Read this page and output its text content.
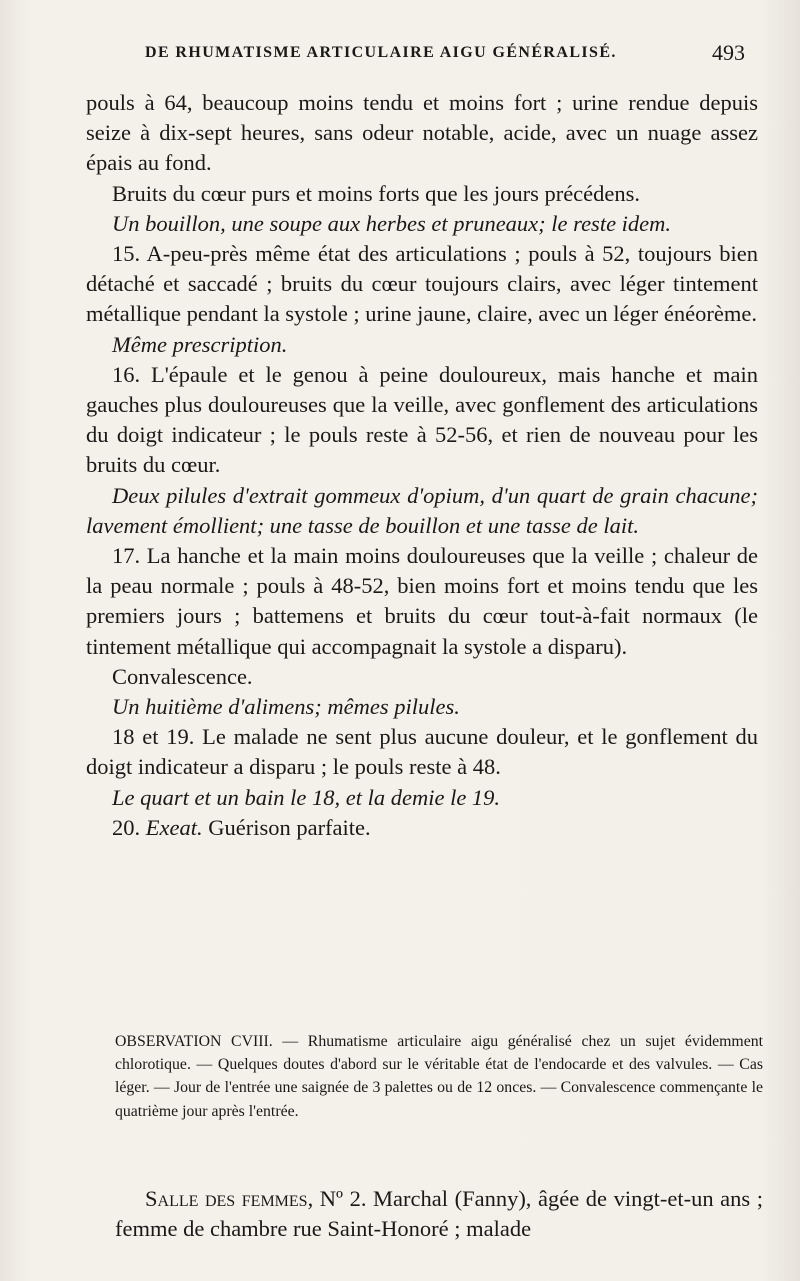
DE RHUMATISME ARTICULAIRE AIGU GÉNÉRALISÉ.	493

pouls à 64, beaucoup moins tendu et moins fort ; urine rendue depuis seize à dix-sept heures, sans odeur notable, acide, avec un nuage assez épais au fond.

Bruits du cœur purs et moins forts que les jours précédens.

Un bouillon, une soupe aux herbes et pruneaux; le reste idem.

15. A-peu-près même état des articulations ; pouls à 52, toujours bien détaché et saccadé ; bruits du cœur toujours clairs, avec léger tintement métallique pendant la systole ; urine jaune, claire, avec un léger énéorème.

Même prescription.

16. L'épaule et le genou à peine douloureux, mais hanche et main gauches plus douloureuses que la veille, avec gonflement des articulations du doigt indicateur ; le pouls reste à 52-56, et rien de nouveau pour les bruits du cœur.

Deux pilules d'extrait gommeux d'opium, d'un quart de grain chacune; lavement émollient; une tasse de bouillon et une tasse de lait.

17. La hanche et la main moins douloureuses que la veille ; chaleur de la peau normale ; pouls à 48-52, bien moins fort et moins tendu que les premiers jours ; battemens et bruits du cœur tout-à-fait normaux (le tintement métallique qui accompagnait la systole a disparu).

Convalescence.

Un huitième d'alimens; mêmes pilules.

18 et 19. Le malade ne sent plus aucune douleur, et le gonflement du doigt indicateur a disparu ; le pouls reste à 48.

Le quart et un bain le 18, et la demie le 19.

20. Exeat. Guérison parfaite.

OBSERVATION CVIII. — Rhumatisme articulaire aigu généralisé chez un sujet évidemment chlorotique. — Quelques doutes d'abord sur le véritable état de l'endocarde et des valvules. — Cas léger. — Jour de l'entrée une saignée de 3 palettes ou de 12 onces. — Convalescence commençante le quatrième jour après l'entrée.
Salle des femmes, Nº 2. Marchal (Fanny), âgée de vingt-et-un ans ; femme de chambre rue Saint-Honoré ; malade
